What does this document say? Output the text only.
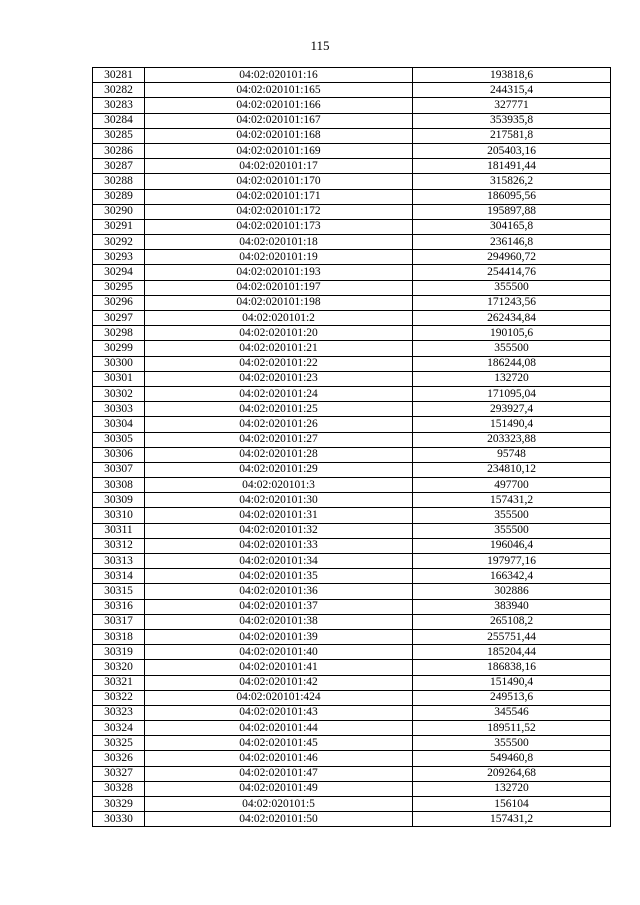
115
30281	04:02:020101:16	193818,6
30282	04:02:020101:165	244315,4
30283	04:02:020101:166	327771
30284	04:02:020101:167	353935,8
30285	04:02:020101:168	217581,8
30286	04:02:020101:169	205403,16
30287	04:02:020101:17	181491,44
30288	04:02:020101:170	315826,2
30289	04:02:020101:171	186095,56
30290	04:02:020101:172	195897,88
30291	04:02:020101:173	304165,8
30292	04:02:020101:18	236146,8
30293	04:02:020101:19	294960,72
30294	04:02:020101:193	254414,76
30295	04:02:020101:197	355500
30296	04:02:020101:198	171243,56
30297	04:02:020101:2	262434,84
30298	04:02:020101:20	190105,6
30299	04:02:020101:21	355500
30300	04:02:020101:22	186244,08
30301	04:02:020101:23	132720
30302	04:02:020101:24	171095,04
30303	04:02:020101:25	293927,4
30304	04:02:020101:26	151490,4
30305	04:02:020101:27	203323,88
30306	04:02:020101:28	95748
30307	04:02:020101:29	234810,12
30308	04:02:020101:3	497700
30309	04:02:020101:30	157431,2
30310	04:02:020101:31	355500
30311	04:02:020101:32	355500
30312	04:02:020101:33	196046,4
30313	04:02:020101:34	197977,16
30314	04:02:020101:35	166342,4
30315	04:02:020101:36	302886
30316	04:02:020101:37	383940
30317	04:02:020101:38	265108,2
30318	04:02:020101:39	255751,44
30319	04:02:020101:40	185204,44
30320	04:02:020101:41	186838,16
30321	04:02:020101:42	151490,4
30322	04:02:020101:424	249513,6
30323	04:02:020101:43	345546
30324	04:02:020101:44	189511,52
30325	04:02:020101:45	355500
30326	04:02:020101:46	549460,8
30327	04:02:020101:47	209264,68
30328	04:02:020101:49	132720
30329	04:02:020101:5	156104
30330	04:02:020101:50	157431,2
